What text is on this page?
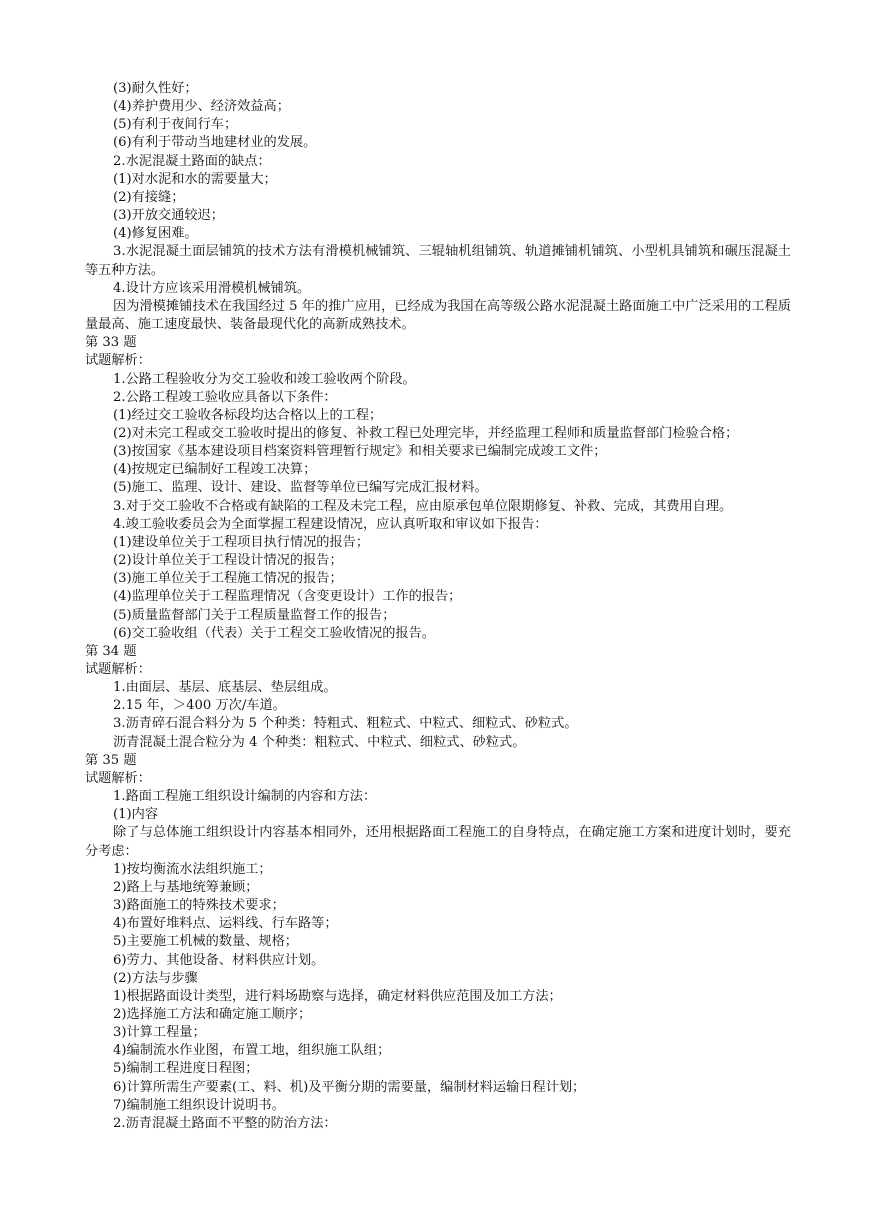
(3)耐久性好；

(4)养护费用少、经济效益高；

(5)有利于夜间行车；

(6)有利于带动当地建材业的发展。

2.水泥混凝土路面的缺点：

(1)对水泥和水的需要量大；

(2)有接缝；

(3)开放交通较迟；

(4)修复困难。

3.水泥混凝土面层铺筑的技术方法有滑模机械铺筑、三辊轴机组铺筑、轨道摊铺机铺筑、小型机具铺筑和碾压混凝土等五种方法。

4.设计方应该采用滑模机械铺筑。

因为滑模摊铺技术在我国经过 5 年的推广应用，已经成为我国在高等级公路水泥混凝土路面施工中广泛采用的工程质量最高、施工速度最快、装备最现代化的高新成熟技术。

第 33 题

试题解析：

1.公路工程验收分为交工验收和竣工验收两个阶段。

2.公路工程竣工验收应具备以下条件：

(1)经过交工验收各标段均达合格以上的工程；

(2)对未完工程或交工验收时提出的修复、补救工程已处理完毕，并经监理工程师和质量监督部门检验合格；

(3)按国家《基本建设项目档案资料管理暂行规定》和相关要求已编制完成竣工文件；

(4)按规定已编制好工程竣工决算；

(5)施工、监理、设计、建设、监督等单位已编写完成汇报材料。

3.对于交工验收不合格或有缺陷的工程及未完工程，应由原承包单位限期修复、补救、完成，其费用自理。

4.竣工验收委员会为全面掌握工程建设情况，应认真听取和审议如下报告：

(1)建设单位关于工程项目执行情况的报告；

(2)设计单位关于工程设计情况的报告；

(3)施工单位关于工程施工情况的报告；

(4)监理单位关于工程监理情况（含变更设计）工作的报告；

(5)质量监督部门关于工程质量监督工作的报告；

(6)交工验收组（代表）关于工程交工验收情况的报告。

第 34 题

试题解析：

1.由面层、基层、底基层、垫层组成。

2.15 年，＞400 万次/车道。

3.沥青碎石混合料分为 5 个种类：特粗式、粗粒式、中粒式、细粒式、砂粒式。

沥青混凝土混合粒分为 4 个种类：粗粒式、中粒式、细粒式、砂粒式。

第 35 题

试题解析：

1.路面工程施工组织设计编制的内容和方法：

(1)内容

除了与总体施工组织设计内容基本相同外，还用根据路面工程施工的自身特点，在确定施工方案和进度计划时，要充分考虑：

1)按均衡流水法组织施工；

2)路上与基地统筹兼顾；

3)路面施工的特殊技术要求；

4)布置好堆料点、运料线、行车路等；

5)主要施工机械的数量、规格；

6)劳力、其他设备、材料供应计划。

(2)方法与步骤

1)根据路面设计类型，进行料场勘察与选择，确定材料供应范围及加工方法；

2)选择施工方法和确定施工顺序；

3)计算工程量；

4)编制流水作业图，布置工地，组织施工队组；

5)编制工程进度日程图；

6)计算所需生产要素(工、料、机)及平衡分期的需要量，编制材料运输日程计划；

7)编制施工组织设计说明书。

2.沥青混凝土路面不平整的防治方法：
